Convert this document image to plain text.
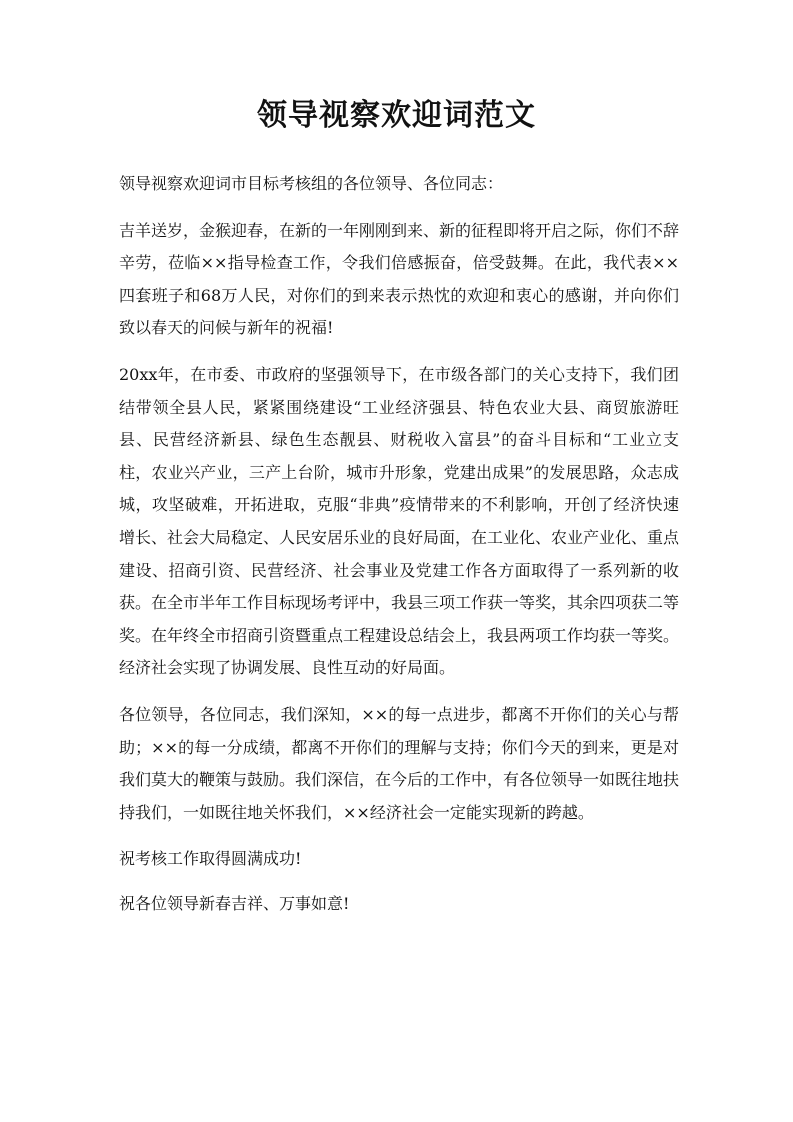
领导视察欢迎词范文

领导视察欢迎词市目标考核组的各位领导、各位同志：

吉羊送岁，金猴迎春，在新的一年刚刚到来、新的征程即将开启之际，你们不辞辛劳，莅临××指导检查工作，令我们倍感振奋，倍受鼓舞。在此，我代表××四套班子和68万人民，对你们的到来表示热忱的欢迎和衷心的感谢，并向你们致以春天的问候与新年的祝福!

20xx年，在市委、市政府的坚强领导下，在市级各部门的关心支持下，我们团结带领全县人民，紧紧围绕建设“工业经济强县、特色农业大县、商贸旅游旺县、民营经济新县、绿色生态靓县、财税收入富县”的奋斗目标和“工业立支柱，农业兴产业，三产上台阶，城市升形象，党建出成果”的发展思路，众志成城，攻坚破难，开拓进取，克服“非典”疫情带来的不利影响，开创了经济快速增长、社会大局稳定、人民安居乐业的良好局面，在工业化、农业产业化、重点建设、招商引资、民营经济、社会事业及党建工作各方面取得了一系列新的收获。在全市半年工作目标现场考评中，我县三项工作获一等奖，其余四项获二等奖。在年终全市招商引资暨重点工程建设总结会上，我县两项工作均获一等奖。经济社会实现了协调发展、良性互动的好局面。

各位领导，各位同志，我们深知，××的每一点进步，都离不开你们的关心与帮助；××的每一分成绩，都离不开你们的理解与支持；你们今天的到来，更是对我们莫大的鞭策与鼓励。我们深信，在今后的工作中，有各位领导一如既往地扶持我们，一如既往地关怀我们，××经济社会一定能实现新的跨越。

祝考核工作取得圆满成功!

祝各位领导新春吉祥、万事如意!
